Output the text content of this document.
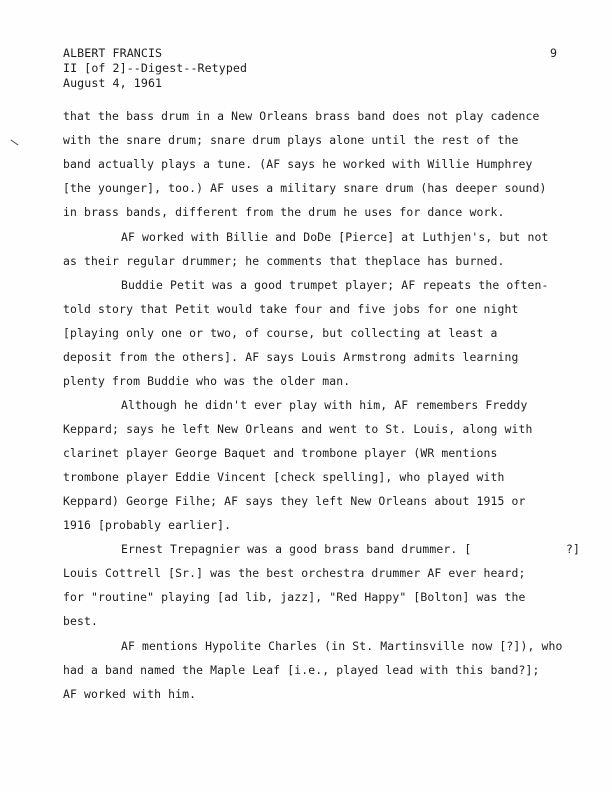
ALBERT FRANCIS
II [of 2]--Digest--Retyped
August 4, 1961
9
that the bass drum in a New Orleans brass band does not play cadence
with the snare drum; snare drum plays alone until the rest of the
band actually plays a tune. (AF says he worked with Willie Humphrey
[the younger], too.) AF uses a military snare drum (has deeper sound)
in brass bands, different from the drum he uses for dance work.
AF worked with Billie and DoDe [Pierce] at Luthjen's, but not
as their regular drummer; he comments that theplace has burned.
Buddie Petit was a good trumpet player; AF repeats the often-
told story that Petit would take four and five jobs for one night
[playing only one or two, of course, but collecting at least a
deposit from the others]. AF says Louis Armstrong admits learning
plenty from Buddie who was the older man.
Although he didn't ever play with him, AF remembers Freddy
Keppard; says he left New Orleans and went to St. Louis, along with
clarinet player George Baquet and trombone player (WR mentions
trombone player Eddie Vincent [check spelling], who played with
Keppard) George Filhe; AF says they left New Orleans about 1915 or
1916 [probably earlier].
Ernest Trepagnier was a good brass band drummer. [	?]
Louis Cottrell [Sr.] was the best orchestra drummer AF ever heard;
for "routine" playing [ad lib, jazz], "Red Happy" [Bolton] was the
best.
AF mentions Hypolite Charles (in St. Martinsville now [?]), who
had a band named the Maple Leaf [i.e., played lead with this band?];
AF worked with him.
